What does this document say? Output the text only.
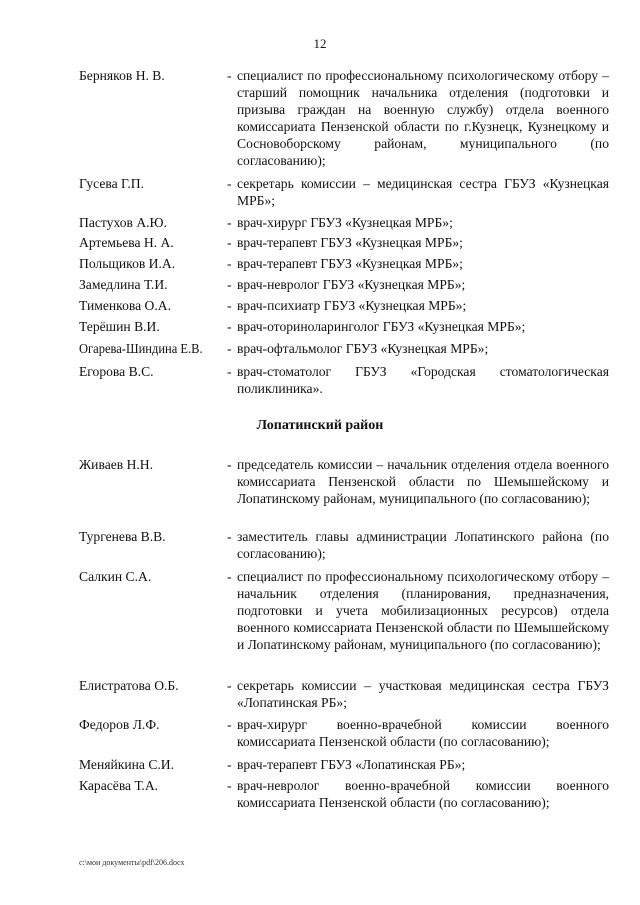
12
Берняков Н. В.	- специалист по профессиональному психологическому отбору – старший помощник начальника отделения (подготовки и призыва граждан на военную службу) отдела военного комиссариата Пензенской области по г.Кузнецк, Кузнецкому и Сосновоборскому районам, муниципального (по согласованию);
Гусева Г.П.	- секретарь комиссии – медицинская сестра ГБУЗ «Кузнецкая МРБ»;
Пастухов А.Ю.	- врач-хирург ГБУЗ «Кузнецкая МРБ»;
Артемьева Н. А.	- врач-терапевт ГБУЗ «Кузнецкая МРБ»;
Польщиков И.А.	- врач-терапевт ГБУЗ «Кузнецкая МРБ»;
Замедлина Т.И.	- врач-невролог ГБУЗ «Кузнецкая МРБ»;
Тименкова О.А.	- врач-психиатр ГБУЗ «Кузнецкая МРБ»;
Терёшин В.И.	- врач-оториноларинголог ГБУЗ «Кузнецкая МРБ»;
Огарева-Шиндина Е.В.	- врач-офтальмолог ГБУЗ «Кузнецкая МРБ»;
Егорова В.С.	- врач-стоматолог ГБУЗ «Городская стоматологическая поликлиника».
Лопатинский район
Живаев Н.Н.	- председатель комиссии – начальник отделения отдела военного комиссариата Пензенской области по Шемышейскому и Лопатинскому районам, муниципального (по согласованию);
Тургенева В.В.	- заместитель главы администрации Лопатинского района (по согласованию);
Салкин С.А.	- специалист по профессиональному психологическому отбору – начальник отделения (планирования, предназначения, подготовки и учета мобилизационных ресурсов) отдела военного комиссариата Пензенской области по Шемышейскому и Лопатинскому районам, муниципального (по согласованию);
Елистратова О.Б.	- секретарь комиссии – участковая медицинская сестра ГБУЗ «Лопатинская РБ»;
Федоров Л.Ф.	- врач-хирург военно-врачебной комиссии военного комиссариата Пензенской области (по согласованию);
Меняйкина С.И.	- врач-терапевт ГБУЗ «Лопатинская РБ»;
Карасёва Т.А.	- врач-невролог военно-врачебной комиссии военного комиссариата Пензенской области (по согласованию);
c:\мои документы\pdf\206.docx
